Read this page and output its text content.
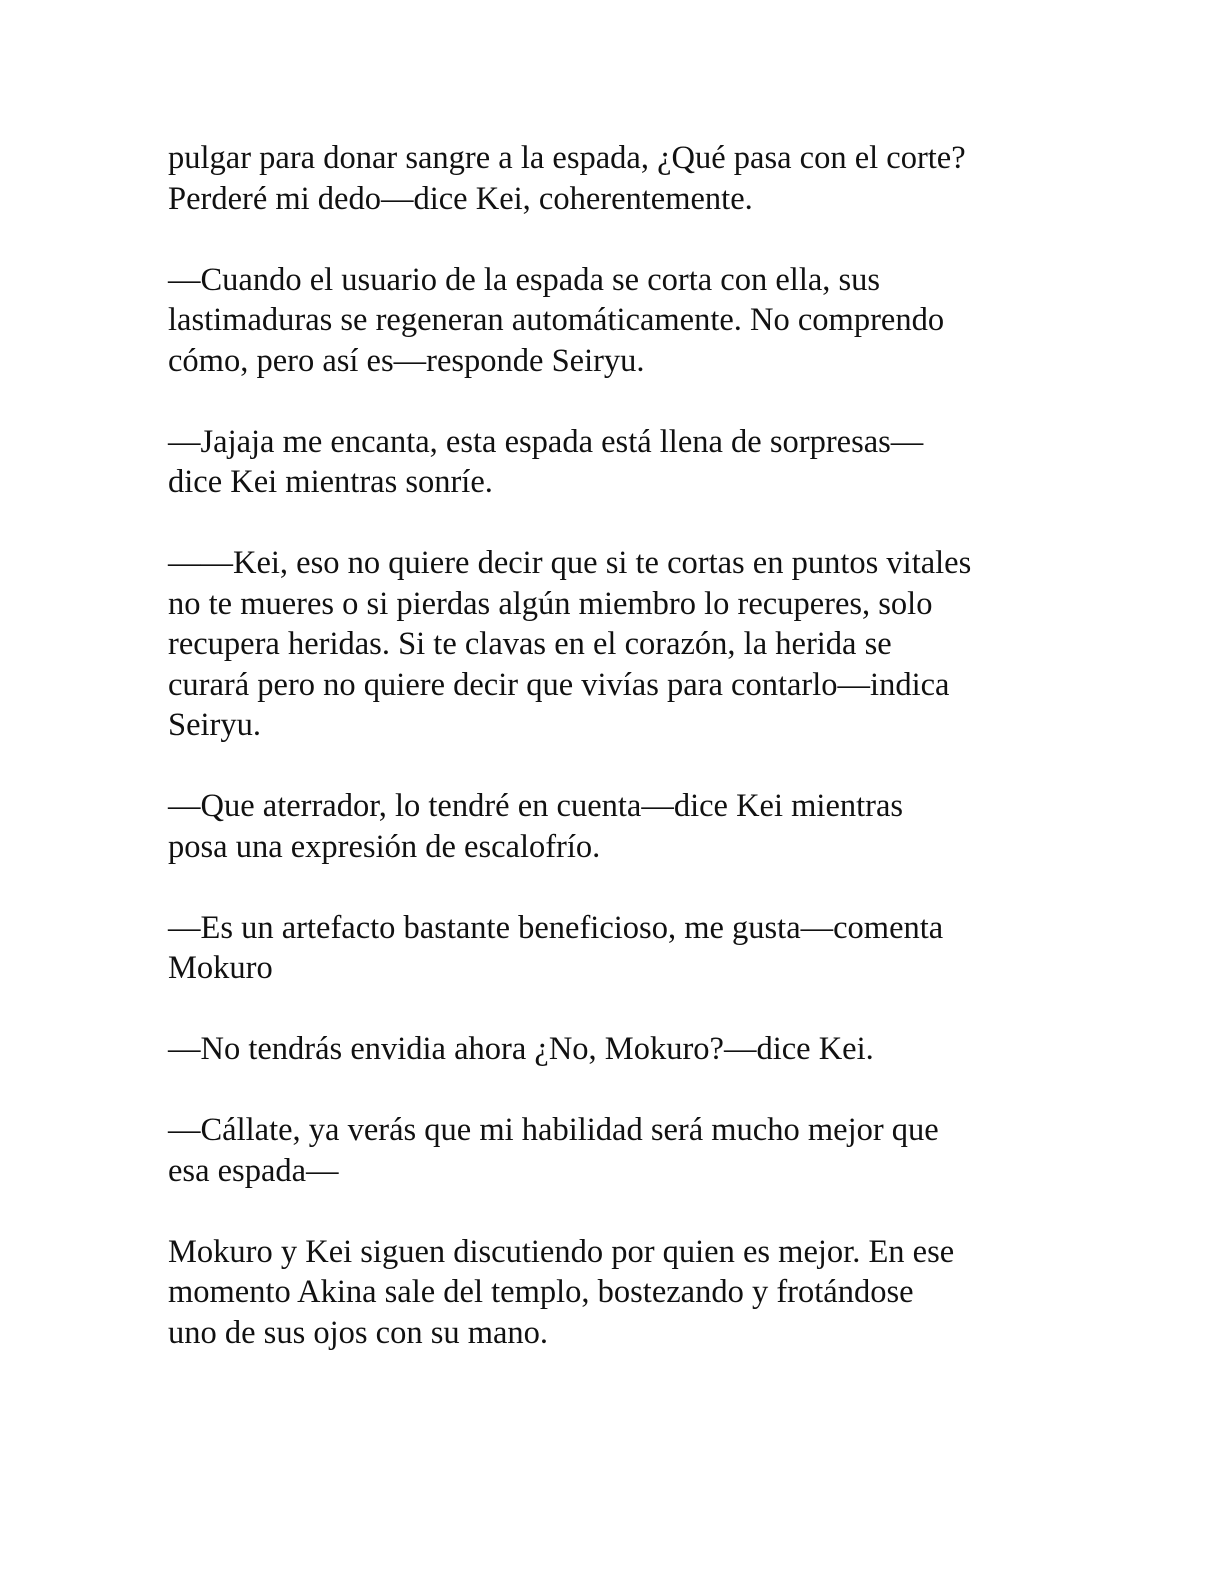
pulgar para donar sangre a la espada, ¿Qué pasa con el corte?
Perderé mi dedo—dice Kei, coherentemente.

—Cuando el usuario de la espada se corta con ella, sus
lastimaduras se regeneran automáticamente. No comprendo
cómo, pero así es—responde Seiryu.

—Jajaja me encanta, esta espada está llena de sorpresas—
dice Kei mientras sonríe.

——Kei, eso no quiere decir que si te cortas en puntos vitales
no te mueres o si pierdas algún miembro lo recuperes, solo
recupera heridas. Si te clavas en el corazón, la herida se
curará pero no quiere decir que vivías para contarlo—indica
Seiryu.

—Que aterrador, lo tendré en cuenta—dice Kei mientras
posa una expresión de escalofrío.

—Es un artefacto bastante beneficioso, me gusta—comenta
Mokuro

—No tendrás envidia ahora ¿No, Mokuro?—dice Kei.

—Cállate, ya verás que mi habilidad será mucho mejor que
esa espada—

Mokuro y Kei siguen discutiendo por quien es mejor. En ese
momento Akina sale del templo, bostezando y frotándose
uno de sus ojos con su mano.
